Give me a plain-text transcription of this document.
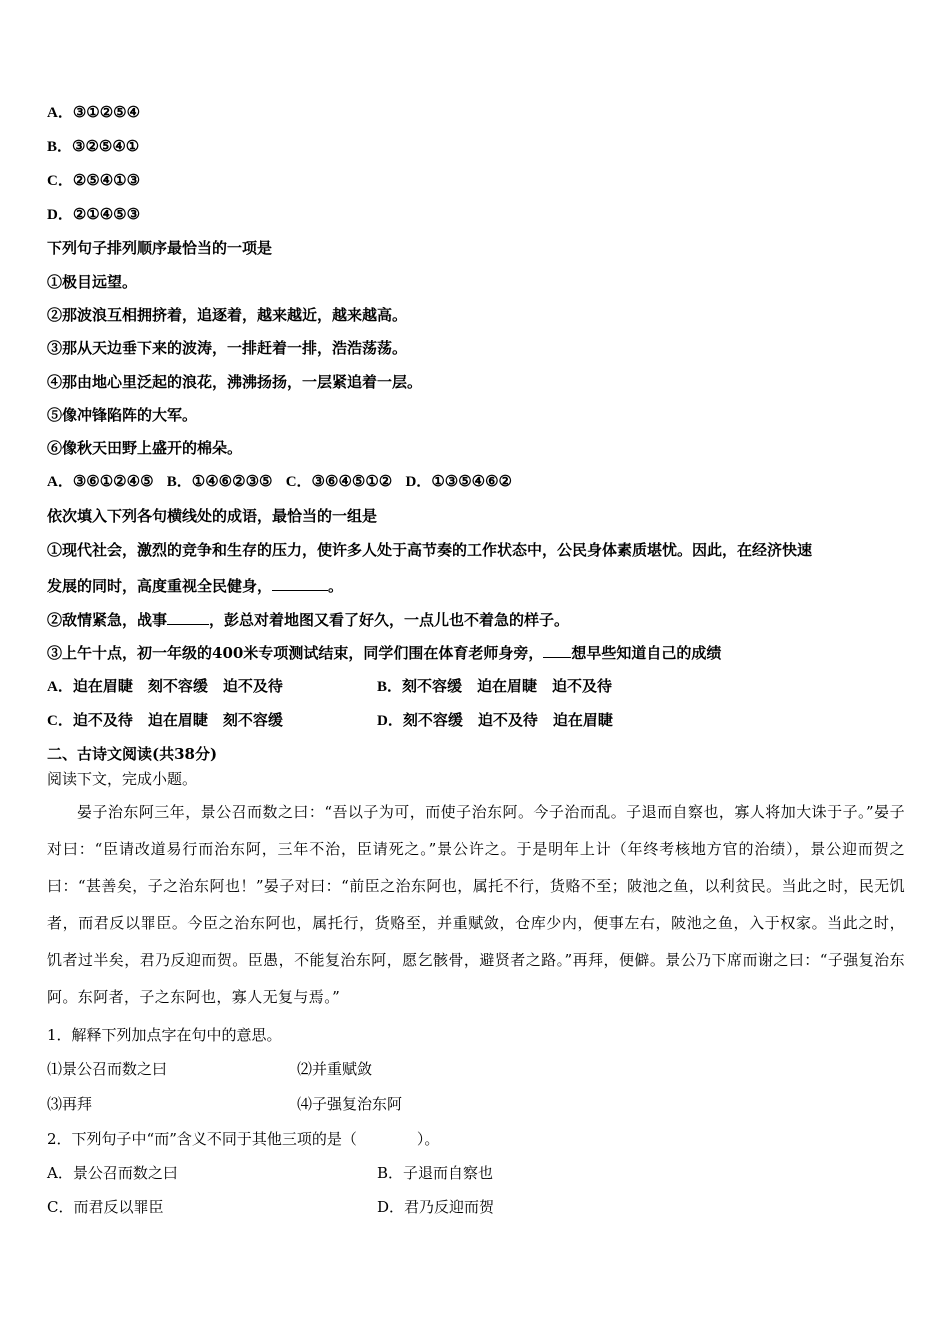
A．③①②⑤④
B．③②⑤④①
C．②⑤④①③
D．②①④⑤③
下列句子排列顺序最恰当的一项是
①极目远望。
②那波浪互相拥挤着，追逐着，越来越近，越来越高。
③那从天边垂下来的波涛，一排赶着一排，浩浩荡荡。
④那由地心里泛起的浪花，沸沸扬扬，一层紧追着一层。
⑤像冲锋陷阵的大军。
⑥像秋天田野上盛开的棉朵。
A．③⑥①②④⑤ B．①④⑥②③⑤ C．③⑥④⑤①② D．①③⑤④⑥②
依次填入下列各句横线处的成语，最恰当的一组是
①现代社会，激烈的竞争和生存的压力，使许多人处于高节奏的工作状态中，公民身体素质堪忧。因此，在经济快速
发展的同时，高度重视全民健身，	。
②敌情紧急，战事	，彭总对着地图又看了好久，一点儿也不着急的样子。
③上午十点，初一年级的400米专项测试结束，同学们围在体育老师身旁， 想早些知道自己的成绩
A．迫在眉睫　刻不容缓　迫不及待	B．刻不容缓　迫在眉睫　迫不及待
C．迫不及待　迫在眉睫　刻不容缓	D．刻不容缓　迫不及待　迫在眉睫
二、古诗文阅读(共38分)
阅读下文，完成小题。
晏子治东阿三年，景公召而数之曰：“吾以子为可，而使子治东阿。今子治而乱。子退而自察也，寡人将加大诛于子。”晏子对曰：“臣请改道易行而治东阿，三年不治，臣请死之。”景公许之。于是明年上计（年终考核地方官的治绩），景公迎而贺之曰：“甚善矣，子之治东阿也！”晏子对曰：“前臣之治东阿也，属托不行，货赂不至；陂池之鱼，以利贫民。当此之时，民无饥者，而君反以罪臣。今臣之治东阿也，属托行，货赂至，并重赋敛，仓库少内，便事左右，陂池之鱼，入于权家。当此之时，饥者过半矣，君乃反迎而贺。臣愚，不能复治东阿，愿乞骸骨，避贤者之路。”再拜，便僻。景公乃下席而谢之曰：“子强复治东阿。东阿者，子之东阿也，寡人无复与焉。”
1．解释下列加点字在句中的意思。
⑴景公召而数之曰	⑵并重赋敛
⑶再拜	⑷子强复治东阿
2．下列句子中“而”含义不同于其他三项的是（　　　　）。
A．景公召而数之曰	B．子退而自察也
C．而君反以罪臣	D．君乃反迎而贺
